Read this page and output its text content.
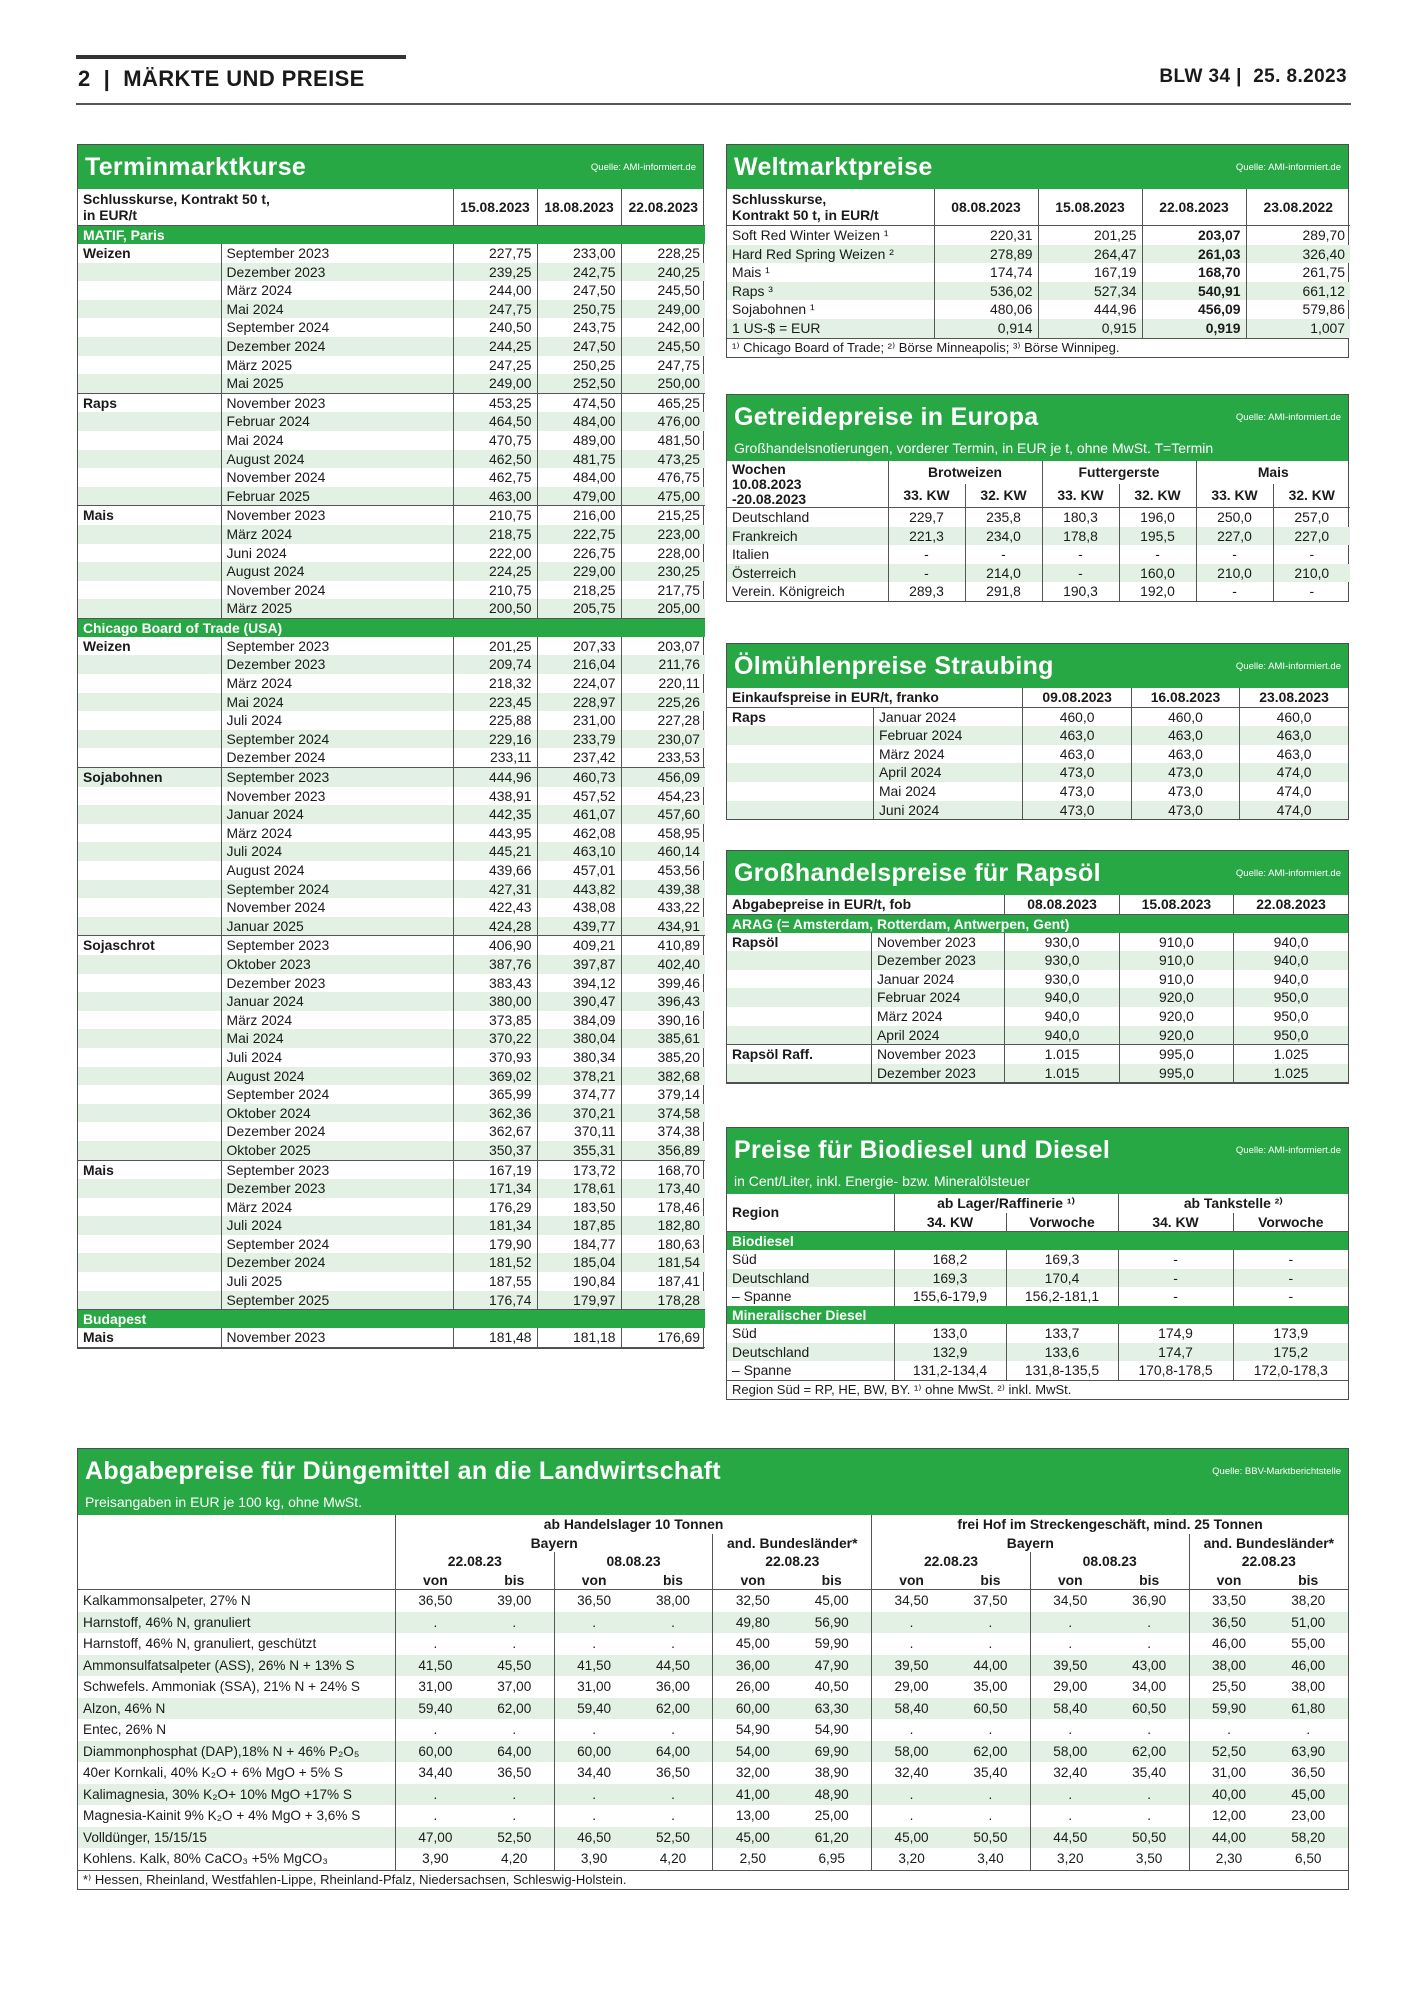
2  |  MÄRKTE UND PREISE	BLW 34 | 25. 8.2023
Terminmarktkurse	Quelle: AMI-informiert.de
Schlusskurse, Kontrakt 50 t,
in EUR/t		15.08.2023	18.08.2023	22.08.2023
MATIF, Paris				
Weizen	September 2023	227,75	233,00	228,25
	Dezember 2023	239,25	242,75	240,25
	März 2024	244,00	247,50	245,50
	Mai 2024	247,75	250,75	249,00
	September 2024	240,50	243,75	242,00
	Dezember 2024	244,25	247,50	245,50
	März 2025	247,25	250,25	247,75
	Mai 2025	249,00	252,50	250,00
Raps	November 2023	453,25	474,50	465,25
	Februar 2024	464,50	484,00	476,00
	Mai 2024	470,75	489,00	481,50
	August 2024	462,50	481,75	473,25
	November 2024	462,75	484,00	476,75
	Februar 2025	463,00	479,00	475,00
Mais	November 2023	210,75	216,00	215,25
	März 2024	218,75	222,75	223,00
	Juni 2024	222,00	226,75	228,00
	August 2024	224,25	229,00	230,25
	November 2024	210,75	218,25	217,75
	März 2025	200,50	205,75	205,00
Chicago Board of Trade (USA)				
Weizen	September 2023	201,25	207,33	203,07
	Dezember 2023	209,74	216,04	211,76
	März 2024	218,32	224,07	220,11
	Mai 2024	223,45	228,97	225,26
	Juli 2024	225,88	231,00	227,28
	September 2024	229,16	233,79	230,07
	Dezember 2024	233,11	237,42	233,53
Sojabohnen	September 2023	444,96	460,73	456,09
	November 2023	438,91	457,52	454,23
	Januar 2024	442,35	461,07	457,60
	März 2024	443,95	462,08	458,95
	Juli 2024	445,21	463,10	460,14
	August 2024	439,66	457,01	453,56
	September 2024	427,31	443,82	439,38
	November 2024	422,43	438,08	433,22
	Januar 2025	424,28	439,77	434,91
Sojaschrot	September 2023	406,90	409,21	410,89
	Oktober 2023	387,76	397,87	402,40
	Dezember 2023	383,43	394,12	399,46
	Januar 2024	380,00	390,47	396,43
	März 2024	373,85	384,09	390,16
	Mai 2024	370,22	380,04	385,61
	Juli 2024	370,93	380,34	385,20
	August 2024	369,02	378,21	382,68
	September 2024	365,99	374,77	379,14
	Oktober 2024	362,36	370,21	374,58
	Dezember 2024	362,67	370,11	374,38
	Oktober 2025	350,37	355,31	356,89
Mais	September 2023	167,19	173,72	168,70
	Dezember 2023	171,34	178,61	173,40
	März 2024	176,29	183,50	178,46
	Juli 2024	181,34	187,85	182,80
	September 2024	179,90	184,77	180,63
	Dezember 2024	181,52	185,04	181,54
	Juli 2025	187,55	190,84	187,41
	September 2025	176,74	179,97	178,28
Budapest				
Mais	November 2023	181,48	181,18	176,69
Weltmarktpreise	Quelle: AMI-informiert.de
Schlusskurse,
Kontrakt 50 t, in EUR/t	08.08.2023	15.08.2023	22.08.2023	23.08.2022
Soft Red Winter Weizen ¹	220,31	201,25	203,07	289,70
Hard Red Spring Weizen ²	278,89	264,47	261,03	326,40
Mais ¹	174,74	167,19	168,70	261,75
Raps ³	536,02	527,34	540,91	661,12
Sojabohnen ¹	480,06	444,96	456,09	579,86
1 US-$ = EUR	0,914	0,915	0,919	1,007
¹⁾ Chicago Board of Trade; ²⁾ Börse Minneapolis; ³⁾ Börse Winnipeg.
Getreidepreise in Europa	Quelle: AMI-informiert.de
Großhandelsnotierungen, vorderer Termin, in EUR je t, ohne MwSt. T=Termin
Wochen
10.08.2023
-20.08.2023	Brotweizen		Futtergerste		Mais	
	33. KW	32. KW	33. KW	32. KW	33. KW	32. KW
Deutschland	229,7	235,8	180,3	196,0	250,0	257,0
Frankreich	221,3	234,0	178,8	195,5	227,0	227,0
Italien	-	-	-	-	-	-
Österreich	-	214,0	-	160,0	210,0	210,0
Verein. Königreich	289,3	291,8	190,3	192,0	-	-
Ölmühlenpreise Straubing	Quelle: AMI-informiert.de
Einkaufspreise in EUR/t, franko		09.08.2023	16.08.2023	23.08.2023
Raps	Januar 2024	460,0	460,0	460,0
	Februar 2024	463,0	463,0	463,0
	März 2024	463,0	463,0	463,0
	April 2024	473,0	473,0	474,0
	Mai 2024	473,0	473,0	474,0
	Juni 2024	473,0	473,0	474,0
Großhandelspreise für Rapsöl	Quelle: AMI-informiert.de
Abgabepreise in EUR/t, fob		08.08.2023	15.08.2023	22.08.2023
ARAG (= Amsterdam, Rotterdam, Antwerpen, Gent)				
Rapsöl	November 2023	930,0	910,0	940,0
	Dezember 2023	930,0	910,0	940,0
	Januar 2024	930,0	910,0	940,0
	Februar 2024	940,0	920,0	950,0
	März 2024	940,0	920,0	950,0
	April 2024	940,0	920,0	950,0
Rapsöl Raff.	November 2023	1.015	995,0	1.025
	Dezember 2023	1.015	995,0	1.025
Preise für Biodiesel und Diesel	Quelle: AMI-informiert.de
in Cent/Liter, inkl. Energie- bzw. Mineralölsteuer
Region	ab Lager/Raffinerie ¹⁾		ab Tankstelle ²⁾	
	34. KW	Vorwoche	34. KW	Vorwoche
Biodiesel				
Süd	168,2	169,3	-	-
Deutschland	169,3	170,4	-	-
– Spanne	155,6-179,9	156,2-181,1	-	-
Mineralischer Diesel				
Süd	133,0	133,7	174,9	173,9
Deutschland	132,9	133,6	174,7	175,2
– Spanne	131,2-134,4	131,8-135,5	170,8-178,5	172,0-178,3
Region Süd = RP, HE, BW, BY. ¹⁾ ohne MwSt. ²⁾ inkl. MwSt.
Abgabepreise für Düngemittel an die Landwirtschaft	Quelle: BBV-Marktberichtstelle
Preisangaben in EUR je 100 kg, ohne MwSt.
	ab Handelslager 10 Tonnen						frei Hof im Streckengeschäft, mind. 25 Tonnen					
	Bayern				and. Bundesländer*		Bayern				and. Bundesländer*	
	22.08.23		08.08.23		22.08.23		22.08.23		08.08.23		22.08.23	
	von	bis	von	bis	von	bis	von	bis	von	bis	von	bis
Kalkammonsalpeter, 27% N	36,50	39,00	36,50	38,00	32,50	45,00	34,50	37,50	34,50	36,90	33,50	38,20
Harnstoff, 46% N, granuliert	.	.	.	.	49,80	56,90	.	.	.	.	36,50	51,00
Harnstoff, 46% N, granuliert, geschützt	.	.	.	.	45,00	59,90	.	.	.	.	46,00	55,00
Ammonsulfatsalpeter (ASS), 26% N + 13% S	41,50	45,50	41,50	44,50	36,00	47,90	39,50	44,00	39,50	43,00	38,00	46,00
Schwefels. Ammoniak (SSA), 21% N + 24% S	31,00	37,00	31,00	36,00	26,00	40,50	29,00	35,00	29,00	34,00	25,50	38,00
Alzon, 46% N	59,40	62,00	59,40	62,00	60,00	63,30	58,40	60,50	58,40	60,50	59,90	61,80
Entec, 26% N	.	.	.	.	54,90	54,90	.	.	.	.	.	.
Diammonphosphat (DAP),18% N + 46% P₂O₅	60,00	64,00	60,00	64,00	54,00	69,90	58,00	62,00	58,00	62,00	52,50	63,90
40er Kornkali, 40% K₂O + 6% MgO + 5% S	34,40	36,50	34,40	36,50	32,00	38,90	32,40	35,40	32,40	35,40	31,00	36,50
Kalimagnesia, 30% K₂O+ 10% MgO +17% S	.	.	.	.	41,00	48,90	.	.	.	.	40,00	45,00
Magnesia-Kainit 9% K₂O + 4% MgO + 3,6% S	.	.	.	.	13,00	25,00	.	.	.	.	12,00	23,00
Volldünger, 15/15/15	47,00	52,50	46,50	52,50	45,00	61,20	45,00	50,50	44,50	50,50	44,00	58,20
Kohlens. Kalk, 80% CaCO₃ +5% MgCO₃	3,90	4,20	3,90	4,20	2,50	6,95	3,20	3,40	3,20	3,50	2,30	6,50
*⁾ Hessen, Rheinland, Westfahlen-Lippe, Rheinland-Pfalz, Niedersachsen, Schleswig-Holstein.
